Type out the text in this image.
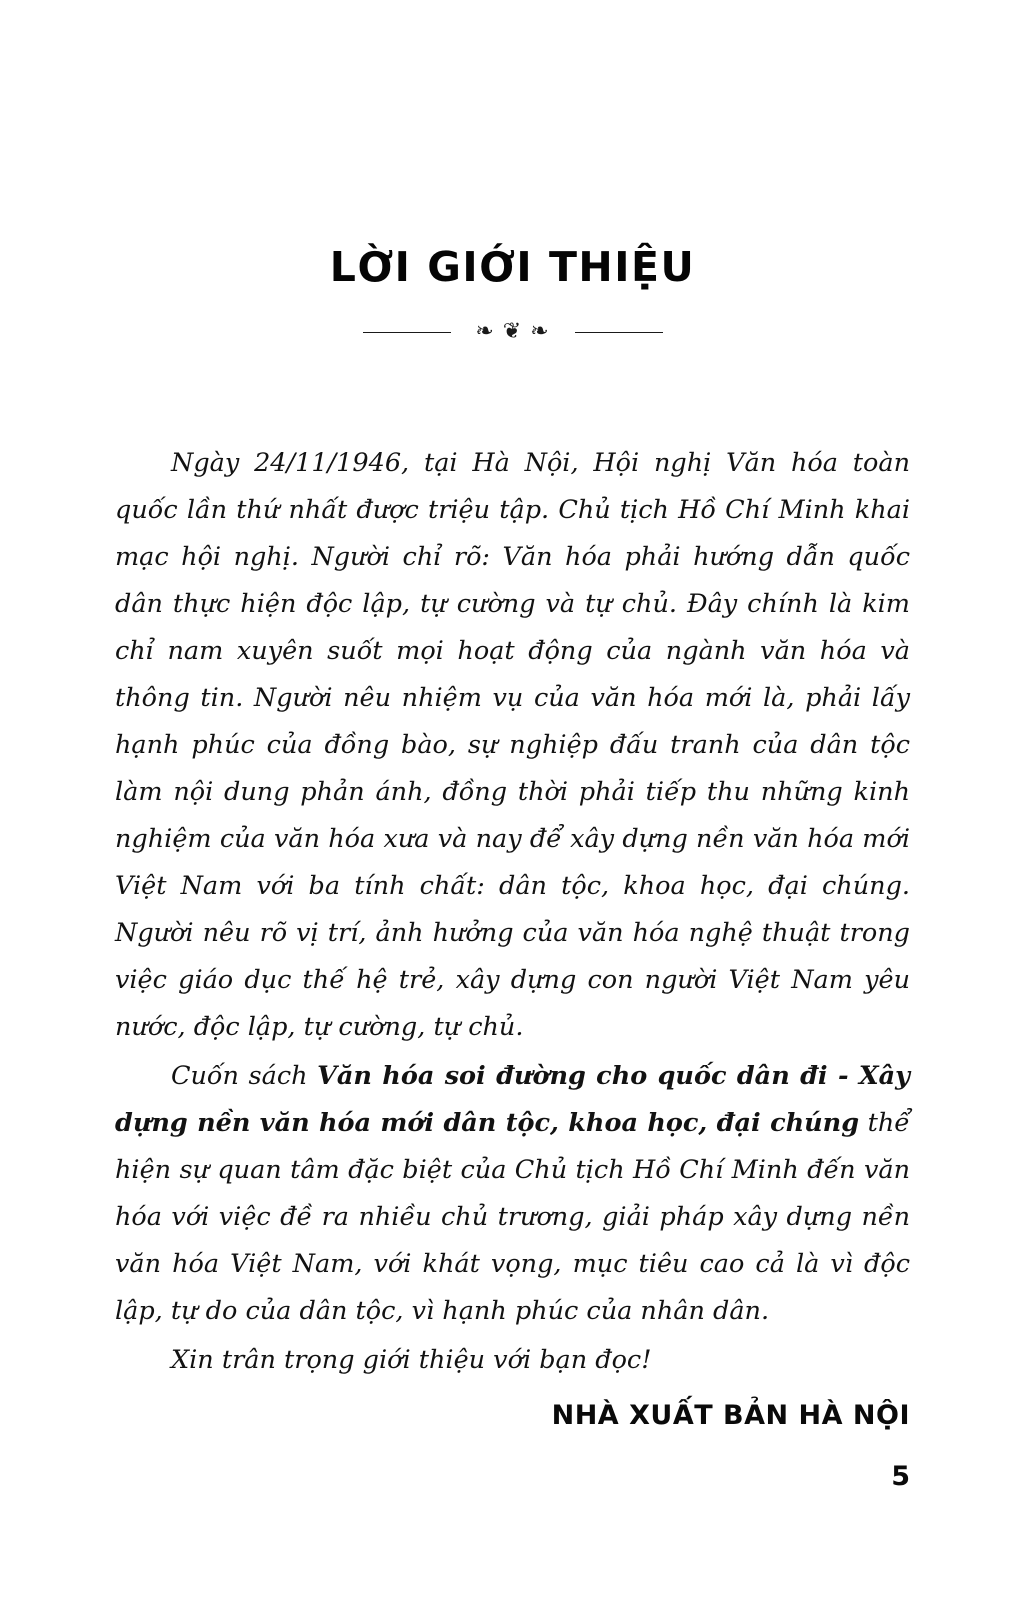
LỜI GIỚI THIỆU
❧ ❦ ❧

Ngày 24/11/1946, tại Hà Nội, Hội nghị Văn hóa toàn quốc lần thứ nhất được triệu tập. Chủ tịch Hồ Chí Minh khai mạc hội nghị. Người chỉ rõ: Văn hóa phải hướng dẫn quốc dân thực hiện độc lập, tự cường và tự chủ. Đây chính là kim chỉ nam xuyên suốt mọi hoạt động của ngành văn hóa và thông tin. Người nêu nhiệm vụ của văn hóa mới là, phải lấy hạnh phúc của đồng bào, sự nghiệp đấu tranh của dân tộc làm nội dung phản ánh, đồng thời phải tiếp thu những kinh nghiệm của văn hóa xưa và nay để xây dựng nền văn hóa mới Việt Nam với ba tính chất: dân tộc, khoa học, đại chúng. Người nêu rõ vị trí, ảnh hưởng của văn hóa nghệ thuật trong việc giáo dục thế hệ trẻ, xây dựng con người Việt Nam yêu nước, độc lập, tự cường, tự chủ.

Cuốn sách Văn hóa soi đường cho quốc dân đi - Xây dựng nền văn hóa mới dân tộc, khoa học, đại chúng thể hiện sự quan tâm đặc biệt của Chủ tịch Hồ Chí Minh đến văn hóa với việc đề ra nhiều chủ trương, giải pháp xây dựng nền văn hóa Việt Nam, với khát vọng, mục tiêu cao cả là vì độc lập, tự do của dân tộc, vì hạnh phúc của nhân dân.

Xin trân trọng giới thiệu với bạn đọc!

NHÀ XUẤT BẢN HÀ NỘI
5
